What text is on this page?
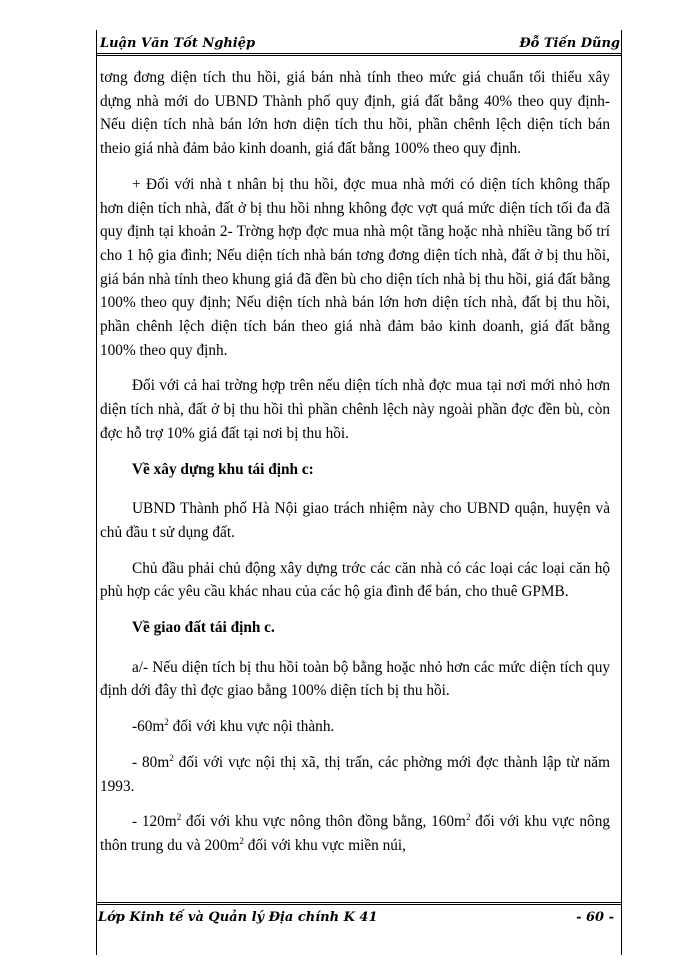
Luận Văn Tốt Nghiệp	Đỗ Tiến Dũng

tơng đơng diện tích thu hồi, giá bán nhà tính theo mức giá chuẩn tối thiểu xây dựng nhà mới do UBND Thành phố quy định, giá đất bằng 40% theo quy định- Nếu diện tích nhà bán lớn hơn diện tích thu hồi, phần chênh lệch diện tích bán theio giá nhà đảm bảo kinh doanh, giá đất bằng 100% theo quy định.

+ Đối với nhà t nhân bị thu hồi, đợc mua nhà mới có diện tích không thấp hơn diện tích nhà, đất ở bị thu hồi nhng không đợc vợt quá mức diện tích tối đa đã quy định tại khoản 2- Trờng hợp đợc mua nhà một tầng hoặc nhà nhiều tầng bố trí cho 1 hộ gia đình; Nếu diện tích nhà bán tơng đơng diện tích nhà, đất ở bị thu hồi, giá bán nhà tính theo khung giá đã đền bù cho diện tích nhà bị thu hồi, giá đất bằng 100% theo quy định; Nếu diện tích nhà bán lớn hơn diện tích nhà, đất bị thu hồi, phần chênh lệch diện tích bán theo giá nhà đảm bảo kinh doanh, giá đất bằng 100% theo quy định.

Đối với cả hai trờng hợp trên nếu diện tích nhà đợc mua tại nơi mới nhỏ hơn diện tích nhà, đất ở bị thu hồi thì phần chênh lệch này ngoài phần đợc đền bù, còn đợc hỗ trợ 10% giá đất tại nơi bị thu hồi.

Về xây dựng khu tái định c:

UBND Thành phố Hà Nội giao trách nhiệm này cho UBND quận, huyện và chủ đầu t sử dụng đất.

Chủ đầu phải chủ động xây dựng trớc các căn nhà có các loại các loại căn hộ phù hợp các yêu cầu khác nhau của các hộ gia đình để bán, cho thuê GPMB.

Về giao đất tái định c.

a/- Nếu diện tích bị thu hồi toàn bộ bằng hoặc nhỏ hơn các mức diện tích quy định dới đây thì đợc giao bằng 100% diện tích bị thu hồi.

$-60m^2$ đối với khu vực nội thành.

- $80m^2$ đối với vực nội thị xã, thị trấn, các phờng mới đợc thành lập từ năm 1993.

- $120m^2$ đối với khu vực nông thôn đồng bằng, $160m^2$ đối với khu vực nông thôn trung du và $200m^2$ đối với khu vực miền núi,

Lớp Kinh tế và Quản lý Địa chính K 41	- 60 -
